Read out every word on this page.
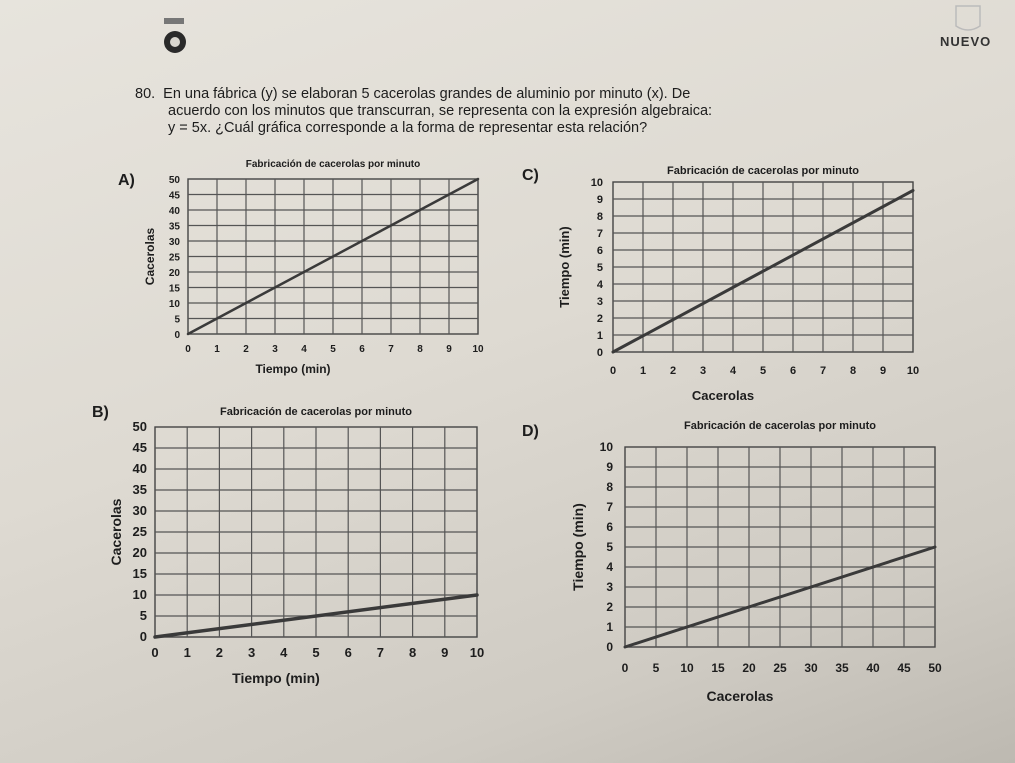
NUEVO
80. En una fábrica (y) se elaboran 5 cacerolas grandes de aluminio por minuto (x). De
acuerdo con los minutos que transcurran, se representa con la expresión algebraica:
y = 5x. ¿Cuál gráfica corresponde a la forma de representar esta relación?
A)
B)
C)
D)
Fabricación de cacerolas por minuto
0 1 2 3 4 5 6 7 8 9 10
0
5
10
15
20
25
30
35
40
45
50
Tiempo (min)
Cacerolas
Fabricación de cacerolas por minuto
0 1 2 3 4 5 6 7 8 9 10
0
5
10
15
20
25
30
35
40
45
50
Tiempo (min)
Cacerolas
Fabricación de cacerolas por minuto
0 1 2 3 4 5 6 7 8 9 10
0
1
2
3
4
5
6
7
8
9
10
Cacerolas
Tiempo (min)
Fabricación de cacerolas por minuto
0 5 10 15 20 25 30 35 40 45 50
0
1
2
3
4
5
6
7
8
9
10
Cacerolas
Tiempo (min)
